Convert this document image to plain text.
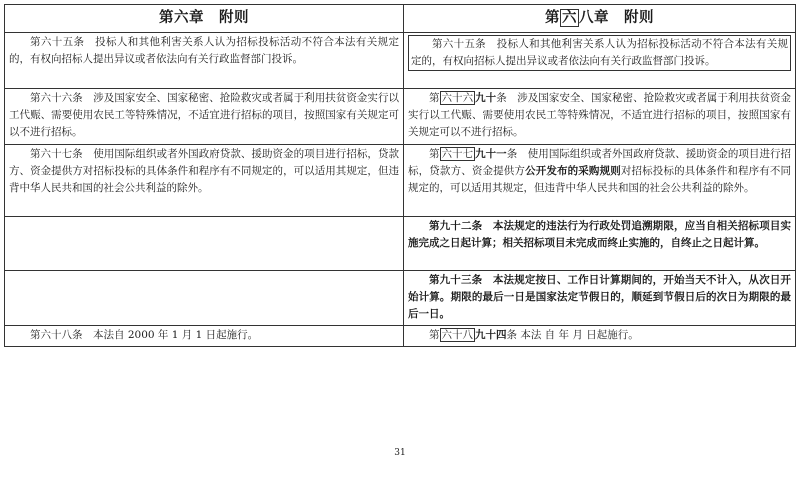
第六章　附则	第 六 八章　附则
第六十五条　投标人和其他利害关系人认为招标投标活动不符合本法有关规定的，有权向招标人提出异议或者依法向有关行政监督部门投诉。	第六十五条　投标人和其他利害关系人认为招标投标活动不符合本法有关规定的，有权向招标人提出异议或者依法向有关行政监督部门投诉。

第六十六条　涉及国家安全、国家秘密、抢险救灾或者属于利用扶贫资金实行以工代赈、需要使用农民工等特殊情况，不适宜进行招标的项目，按照国家有关规定可以不进行招标。	第 六十六 九十条　涉及国家安全、国家秘密、抢险救灾或者属于利用扶贫资金实行以工代赈、需要使用农民工等特殊情况，不适宜进行招标的项目，按照国家有关规定可以不进行招标。
第六十七条　使用国际组织或者外国政府贷款、援助资金的项目进行招标，贷款方、资金提供方对招标投标的具体条件和程序有不同规定的，可以适用其规定，但违背中华人民共和国的社会公共利益的除外。	第 六十七 九十一条　使用国际组织或者外国政府贷款、援助资金的项目进行招标，贷款方、资金提供方公开发布的采购规则对招标投标的具体条件和程序有不同规定的，可以适用其规定，但违背中华人民共和国的社会公共利益的除外。
	第九十二条　本法规定的违法行为行政处罚追溯期限，应当自相关招标项目实施完成之日起计算；相关招标项目未完成而终止实施的，自终止之日起计算。
	第九十三条　本法规定按日、工作日计算期间的，开始当天不计入，从次日开始计算。期限的最后一日是国家法定节假日的，顺延到节假日后的次日为期限的最后一日。
第六十八条　本法自 2000 年 1 月 1 日起施行。	第 六十八 九十四条 本法 自 年 月 日起施行。
31
